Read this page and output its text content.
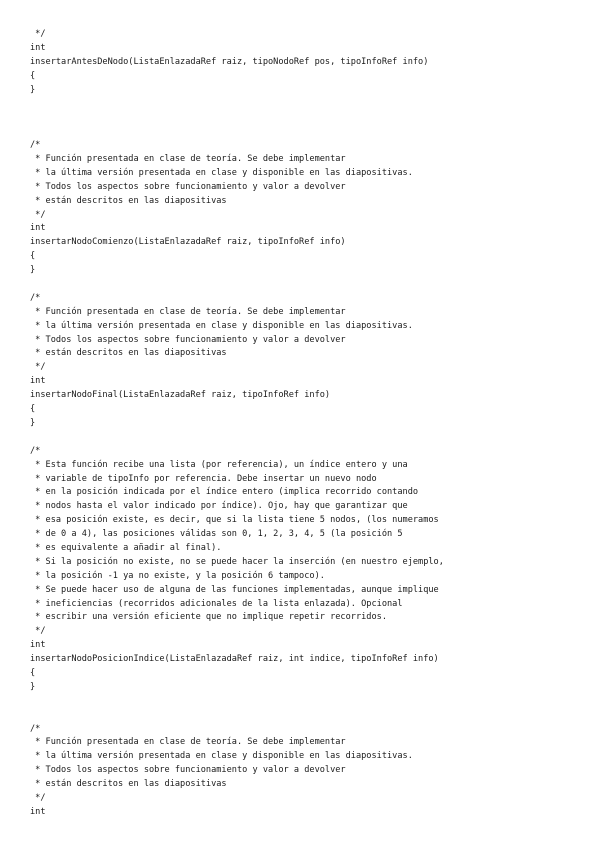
*/
int
insertarAntesDeNodo(ListaEnlazadaRef raiz, tipoNodoRef pos, tipoInfoRef info)
{
}
/*
* Función presentada en clase de teoría. Se debe implementar
* la última versión presentada en clase y disponible en las diapositivas.
* Todos los aspectos sobre funcionamiento y valor a devolver
* están descritos en las diapositivas
*/
int
insertarNodoComienzo(ListaEnlazadaRef raiz, tipoInfoRef info)
{
}
/*
* Función presentada en clase de teoría. Se debe implementar
* la última versión presentada en clase y disponible en las diapositivas.
* Todos los aspectos sobre funcionamiento y valor a devolver
* están descritos en las diapositivas
*/
int
insertarNodoFinal(ListaEnlazadaRef raiz, tipoInfoRef info)
{
}
/*
* Esta función recibe una lista (por referencia), un índice entero y una
* variable de tipoInfo por referencia. Debe insertar un nuevo nodo
* en la posición indicada por el índice entero (implica recorrido contando
* nodos hasta el valor indicado por índice). Ojo, hay que garantizar que
* esa posición existe, es decir, que si la lista tiene 5 nodos, (los numeramos
* de 0 a 4), las posiciones válidas son 0, 1, 2, 3, 4, 5 (la posición 5
* es equivalente a añadir al final).
* Si la posición no existe, no se puede hacer la inserción (en nuestro ejemplo,
* la posición -1 ya no existe, y la posición 6 tampoco).
* Se puede hacer uso de alguna de las funciones implementadas, aunque implique
* ineficiencias (recorridos adicionales de la lista enlazada). Opcional
* escribir una versión eficiente que no implique repetir recorridos.
*/
int
insertarNodoPosicionIndice(ListaEnlazadaRef raiz, int indice, tipoInfoRef info)
{
}
/*
* Función presentada en clase de teoría. Se debe implementar
* la última versión presentada en clase y disponible en las diapositivas.
* Todos los aspectos sobre funcionamiento y valor a devolver
* están descritos en las diapositivas
*/
int
